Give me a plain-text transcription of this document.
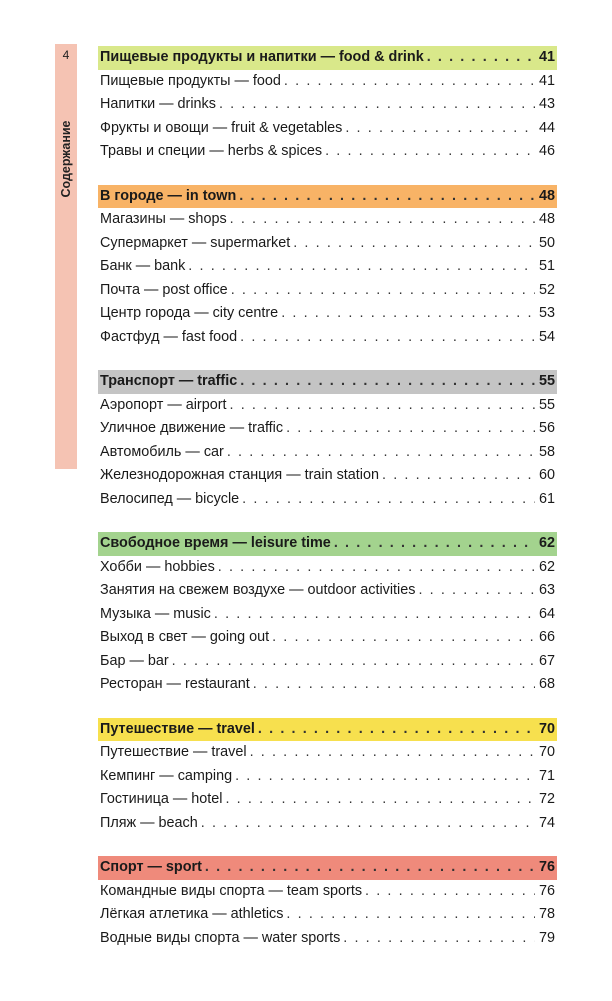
4
Содержание
Пищевые продукты и напитки — food & drink . . .	41
Пищевые продукты — food . . .	41
Напитки — drinks . . .	43
Фрукты и овощи — fruit & vegetables . . .	44
Травы и специи — herbs & spices . . .	46
В городе — in town . . .	48
Магазины — shops . . .	48
Супермаркет — supermarket . . .	50
Банк — bank . . .	51
Почта — post office . . .	52
Центр города — city centre . . .	53
Фастфуд — fast food . . .	54
Транспорт — traffic . . .	55
Аэропорт — airport . . .	55
Уличное движение — traffic . . .	56
Автомобиль — car . . .	58
Железнодорожная станция — train station . . .	60
Велосипед — bicycle . . .	61
Свободное время — leisure time . . .	62
Хобби — hobbies . . .	62
Занятия на свежем воздухе — outdoor activities . . .	63
Музыка — music . . .	64
Выход в свет — going out . . .	66
Бар — bar . . .	67
Ресторан — restaurant . . .	68
Путешествие — travel . . .	70
Путешествие — travel . . .	70
Кемпинг — camping . . .	71
Гостиница — hotel . . .	72
Пляж — beach . . .	74
Спорт — sport . . .	76
Командные виды спорта — team sports . . .	76
Лёгкая атлетика — athletics . . .	78
Водные виды спорта — water sports . . .	79
